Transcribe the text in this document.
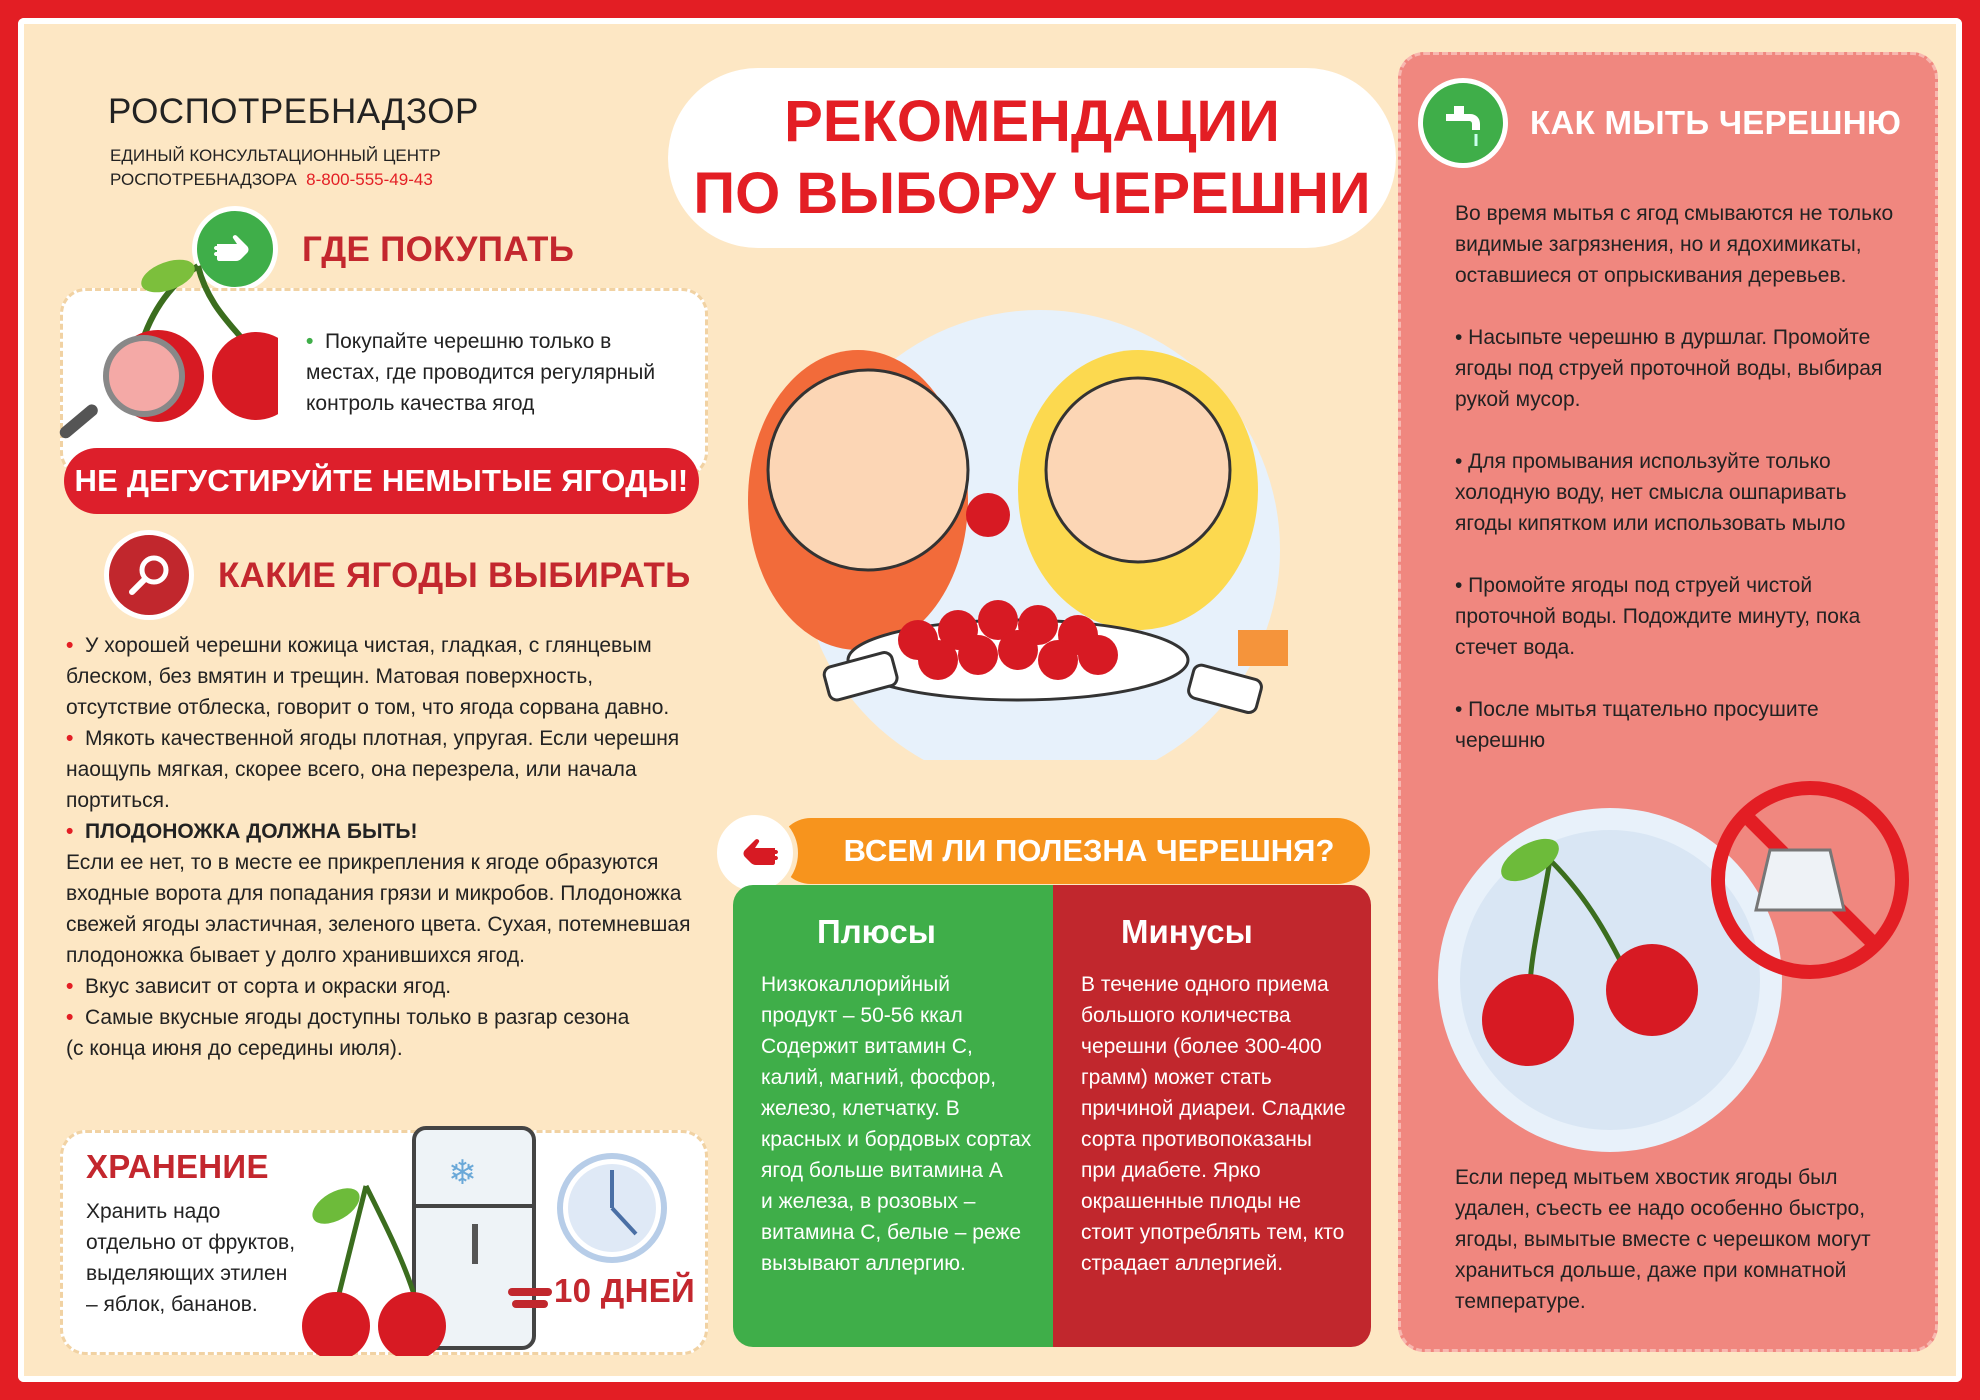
РОСПОТРЕБНАДЗОР
ЕДИНЫЙ КОНСУЛЬТАЦИОННЫЙ ЦЕНТР
РОСПОТРЕБНАДЗОРА 8-800-555-49-43
РЕКОМЕНДАЦИИ
ПО ВЫБОРУ ЧЕРЕШНИ
ГДЕ ПОКУПАТЬ
• Покупайте черешню только в
местах, где проводится регулярный
контроль качества ягод
НЕ ДЕГУСТИРУЙТЕ НЕМЫТЫЕ ЯГОДЫ!
КАКИЕ ЯГОДЫ ВЫБИРАТЬ
• У хорошей черешни кожица чистая, гладкая, с глянцевым
блеском, без вмятин и трещин. Матовая поверхность,
отсутствие отблеска, говорит о том, что ягода сорвана давно.
• Мякоть качественной ягоды плотная, упругая. Если черешня
наощупь мягкая, скорее всего, она перезрела, или начала
портиться.
• ПЛОДОНОЖКА ДОЛЖНА БЫТЬ!
Если ее нет, то в месте ее прикрепления к ягоде образуются
входные ворота для попадания грязи и микробов. Плодоножка
свежей ягоды эластичная, зеленого цвета. Сухая, потемневшая
плодоножка бывает у долго хранившихся ягод.
• Вкус зависит от сорта и окраски ягод.
• Самые вкусные ягоды доступны только в разгар сезона
(с конца июня до середины июля).
ХРАНЕНИЕ
Хранить надо
отдельно от фруктов,
выделяющих этилен
– яблок, бананов.
❄
10 ДНЕЙ
ВСЕМ ЛИ ПОЛЕЗНА ЧЕРЕШНЯ?
Плюсы

Низкокаллорийный
продукт – 50-56 ккал
Содержит витамин С,
калий, магний, фосфор,
железо, клетчатку. В
красных и бордовых сортах
ягод больше витамина А
и железа, в розовых –
витамина С, белые – реже
вызывают аллергию.

Минусы

В течение одного приема
большого количества
черешни (более 300-400
грамм) может стать
причиной диареи. Сладкие
сорта противопоказаны
при диабете. Ярко
окрашенные плоды не
стоит употреблять тем, кто
страдает аллергией.

КАК МЫТЬ ЧЕРЕШНЮ
Во время мытья с ягод смываются не только
видимые загрязнения, но и ядохимикаты,
оставшиеся от опрыскивания деревьев.
• Насыпьте черешню в дуршлаг. Промойте
ягоды под струей проточной воды, выбирая
рукой мусор.
• Для промывания используйте только
холодную воду, нет смысла ошпаривать
ягоды кипятком или использовать мыло
• Промойте ягоды под струей чистой
проточной воды. Подождите минуту, пока
стечет вода.
• После мытья тщательно просушите
черешню
Если перед мытьем хвостик ягоды был
удален, съесть ее надо особенно быстро,
ягоды, вымытые вместе с черешком могут
храниться дольше, даже при комнатной
температуре.
